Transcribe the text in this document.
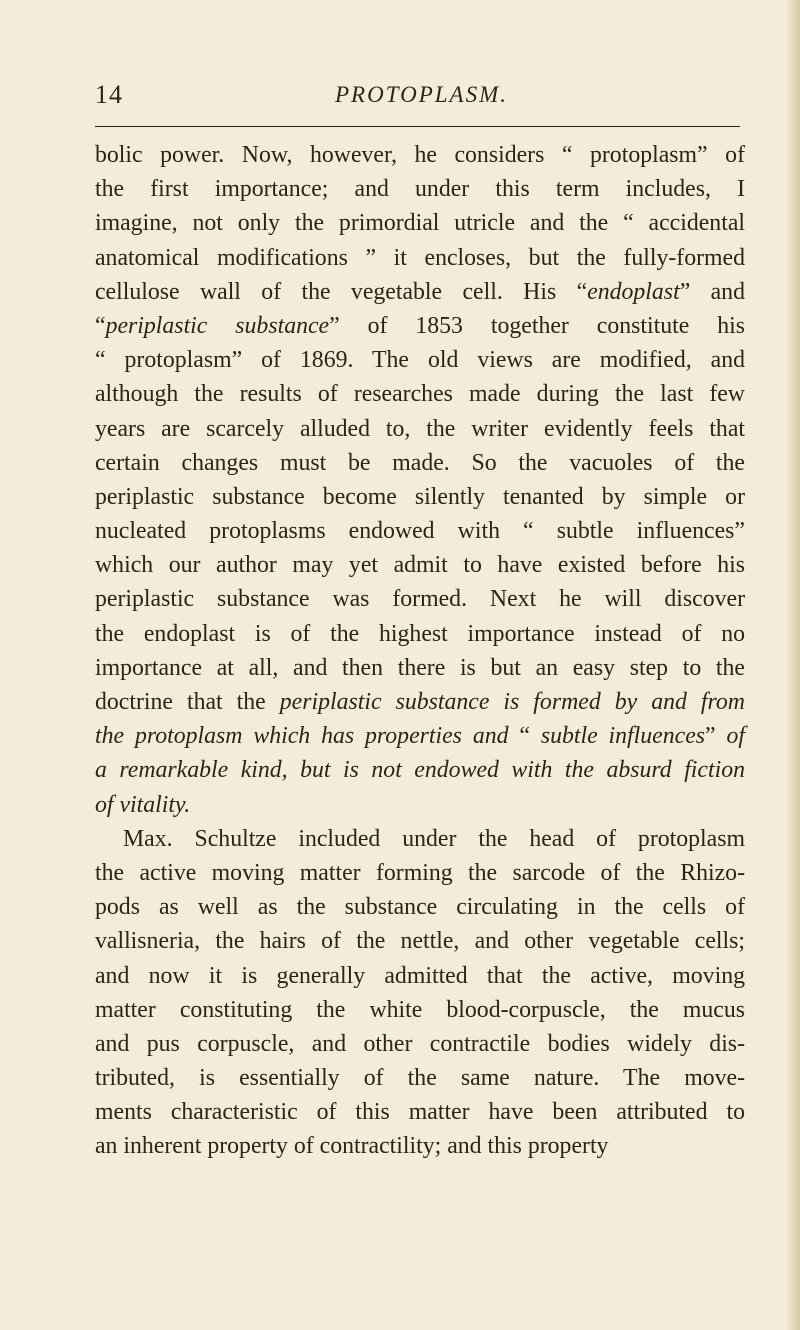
14	PROTOPLASM.
bolic power. Now, however, he considers “ protoplasm” of
the first importance; and under this term includes, I
imagine, not only the primordial utricle and the “ accidental
anatomical modifications ” it encloses, but the fully-formed
cellulose wall of the vegetable cell. His “endoplast” and
“periplastic substance” of 1853 together constitute his
“ protoplasm” of 1869. The old views are modified, and
although the results of researches made during the last few
years are scarcely alluded to, the writer evidently feels that
certain changes must be made. So the vacuoles of the
periplastic substance become silently tenanted by simple or
nucleated protoplasms endowed with “ subtle influences”
which our author may yet admit to have existed before his
periplastic substance was formed. Next he will discover
the endoplast is of the highest importance instead of no
importance at all, and then there is but an easy step to the
doctrine that the periplastic substance is formed by and from
the protoplasm which has properties and “ subtle influences” of
a remarkable kind, but is not endowed with the absurd fiction
of vitality.
Max. Schultze included under the head of protoplasm
the active moving matter forming the sarcode of the Rhizo-
pods as well as the substance circulating in the cells of
vallisneria, the hairs of the nettle, and other vegetable cells;
and now it is generally admitted that the active, moving
matter constituting the white blood-corpuscle, the mucus
and pus corpuscle, and other contractile bodies widely dis-
tributed, is essentially of the same nature. The move-
ments characteristic of this matter have been attributed to
an inherent property of contractility; and this property
